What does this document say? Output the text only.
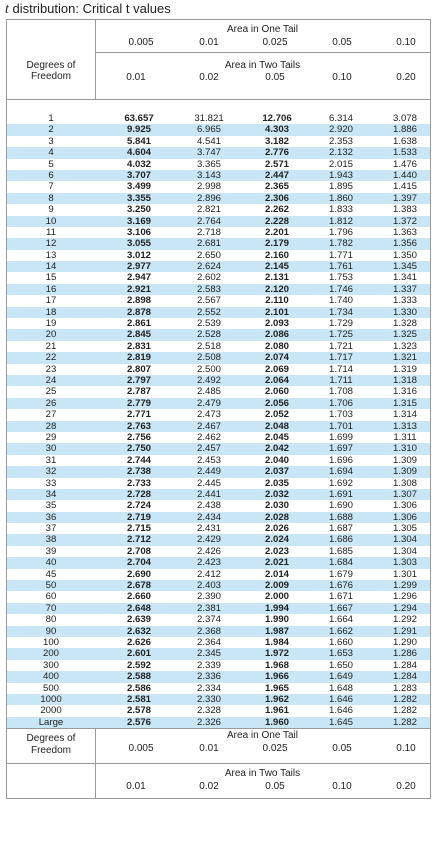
t distribution: Critical t values
Area in One Tail
0.005	0.01	0.025	0.05	0.10
Degrees of
Freedom
Area in Two Tails
0.01	0.02	0.05	0.10	0.20
1	63.657	31.821	12.706	6.314	3.078
2	9.925	6.965	4.303	2.920	1.886
3	5.841	4.541	3.182	2.353	1.638
4	4.604	3.747	2.776	2.132	1.533
5	4.032	3.365	2.571	2.015	1.476
6	3.707	3.143	2.447	1.943	1.440
7	3.499	2.998	2.365	1.895	1.415
8	3.355	2.896	2.306	1.860	1.397
9	3.250	2.821	2.262	1.833	1.383
10	3.169	2.764	2.228	1.812	1.372
11	3.106	2.718	2.201	1.796	1.363
12	3.055	2.681	2.179	1.782	1.356
13	3.012	2.650	2.160	1.771	1.350
14	2.977	2.624	2.145	1.761	1.345
15	2.947	2.602	2.131	1.753	1.341
16	2.921	2.583	2.120	1.746	1.337
17	2.898	2.567	2.110	1.740	1.333
18	2.878	2.552	2.101	1.734	1.330
19	2.861	2.539	2.093	1.729	1.328
20	2.845	2.528	2.086	1.725	1.325
21	2.831	2.518	2.080	1.721	1.323
22	2.819	2.508	2.074	1.717	1.321
23	2.807	2.500	2.069	1.714	1.319
24	2.797	2.492	2.064	1.711	1.318
25	2.787	2.485	2.060	1.708	1.316
26	2.779	2.479	2.056	1.706	1.315
27	2.771	2.473	2.052	1.703	1.314
28	2.763	2.467	2.048	1.701	1.313
29	2.756	2.462	2.045	1.699	1.311
30	2.750	2.457	2.042	1.697	1.310
31	2.744	2.453	2.040	1.696	1.309
32	2.738	2.449	2.037	1.694	1.309
33	2.733	2.445	2.035	1.692	1.308
34	2.728	2.441	2.032	1.691	1.307
35	2.724	2.438	2.030	1.690	1.306
36	2.719	2.434	2.028	1.688	1.306
37	2.715	2.431	2.026	1.687	1.305
38	2.712	2.429	2.024	1.686	1.304
39	2.708	2.426	2.023	1.685	1.304
40	2.704	2.423	2.021	1.684	1.303
45	2.690	2.412	2.014	1.679	1.301
50	2.678	2.403	2.009	1.676	1.299
60	2.660	2.390	2.000	1.671	1.296
70	2.648	2.381	1.994	1.667	1.294
80	2.639	2.374	1.990	1.664	1.292
90	2.632	2.368	1.987	1.662	1.291
100	2.626	2.364	1.984	1.660	1.290
200	2.601	2.345	1.972	1.653	1.286
300	2.592	2.339	1.968	1.650	1.284
400	2.588	2.336	1.966	1.649	1.284
500	2.586	2.334	1.965	1.648	1.283
1000	2.581	2.330	1.962	1.646	1.282
2000	2.578	2.328	1.961	1.646	1.282
Large	2.576	2.326	1.960	1.645	1.282
Degrees of
Freedom
Area in One Tail
0.005	0.01	0.025	0.05	0.10
Area in Two Tails
0.01	0.02	0.05	0.10	0.20
